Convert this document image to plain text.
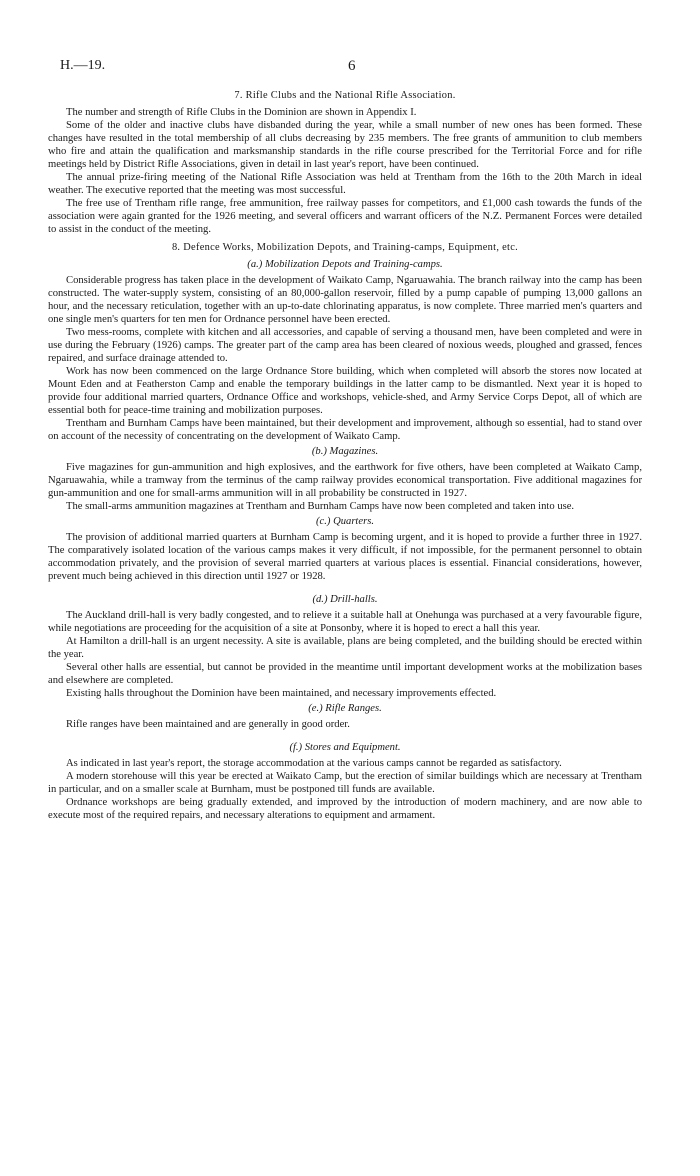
H.—19.	6
7. Rifle Clubs and the National Rifle Association.

The number and strength of Rifle Clubs in the Dominion are shown in Appendix I.

Some of the older and inactive clubs have disbanded during the year, while a small number of new ones has been formed. These changes have resulted in the total membership of all clubs decreasing by 235 members. The free grants of ammunition to club members who fire and attain the qualification and marksmanship standards in the rifle course prescribed for the Territorial Force and for rifle meetings held by District Rifle Associations, given in detail in last year's report, have been continued.

The annual prize-firing meeting of the National Rifle Association was held at Trentham from the 16th to the 20th March in ideal weather. The executive reported that the meeting was most successful.

The free use of Trentham rifle range, free ammunition, free railway passes for competitors, and £1,000 cash towards the funds of the association were again granted for the 1926 meeting, and several officers and warrant officers of the N.Z. Permanent Forces were detailed to assist in the conduct of the meeting.

8. Defence Works, Mobilization Depots, and Training-camps, Equipment, etc.
(a.) Mobilization Depots and Training-camps.

Considerable progress has taken place in the development of Waikato Camp, Ngaruawahia. The branch railway into the camp has been constructed. The water-supply system, consisting of an 80,000-gallon reservoir, filled by a pump capable of pumping 13,000 gallons an hour, and the necessary reticulation, together with an up-to-date chlorinating apparatus, is now complete. Three married men's quarters and one single men's quarters for ten men for Ordnance personnel have been erected.

Two mess-rooms, complete with kitchen and all accessories, and capable of serving a thousand men, have been completed and were in use during the February (1926) camps. The greater part of the camp area has been cleared of noxious weeds, ploughed and grassed, fences repaired, and surface drainage attended to.

Work has now been commenced on the large Ordnance Store building, which when completed will absorb the stores now located at Mount Eden and at Featherston Camp and enable the temporary buildings in the latter camp to be dismantled. Next year it is hoped to provide four additional married quarters, Ordnance Office and workshops, vehicle-shed, and Army Service Corps Depot, all of which are essential both for peace-time training and mobilization purposes.

Trentham and Burnham Camps have been maintained, but their development and improvement, although so essential, had to stand over on account of the necessity of concentrating on the development of Waikato Camp.

(b.) Magazines.

Five magazines for gun-ammunition and high explosives, and the earthwork for five others, have been completed at Waikato Camp, Ngaruawahia, while a tramway from the terminus of the camp railway provides economical transportation. Five additional magazines for gun-ammunition and one for small-arms ammunition will in all probability be constructed in 1927.

The small-arms ammunition magazines at Trentham and Burnham Camps have now been completed and taken into use.

(c.) Quarters.

The provision of additional married quarters at Burnham Camp is becoming urgent, and it is hoped to provide a further three in 1927. The comparatively isolated location of the various camps makes it very difficult, if not impossible, for the permanent personnel to obtain accommodation privately, and the provision of several married quarters at various places is essential. Financial considerations, however, prevent much being achieved in this direction until 1927 or 1928.

(d.) Drill-halls.

The Auckland drill-hall is very badly congested, and to relieve it a suitable hall at Onehunga was purchased at a very favourable figure, while negotiations are proceeding for the acquisition of a site at Ponsonby, where it is hoped to erect a hall this year.

At Hamilton a drill-hall is an urgent necessity. A site is available, plans are being completed, and the building should be erected within the year.

Several other halls are essential, but cannot be provided in the meantime until important development works at the mobilization bases and elsewhere are completed.

Existing halls throughout the Dominion have been maintained, and necessary improvements effected.

(e.) Rifle Ranges.

Rifle ranges have been maintained and are generally in good order.

(f.) Stores and Equipment.

As indicated in last year's report, the storage accommodation at the various camps cannot be regarded as satisfactory.

A modern storehouse will this year be erected at Waikato Camp, but the erection of similar buildings which are necessary at Trentham in particular, and on a smaller scale at Burnham, must be postponed till funds are available.

Ordnance workshops are being gradually extended, and improved by the introduction of modern machinery, and are now able to execute most of the required repairs, and necessary alterations to equipment and armament.
